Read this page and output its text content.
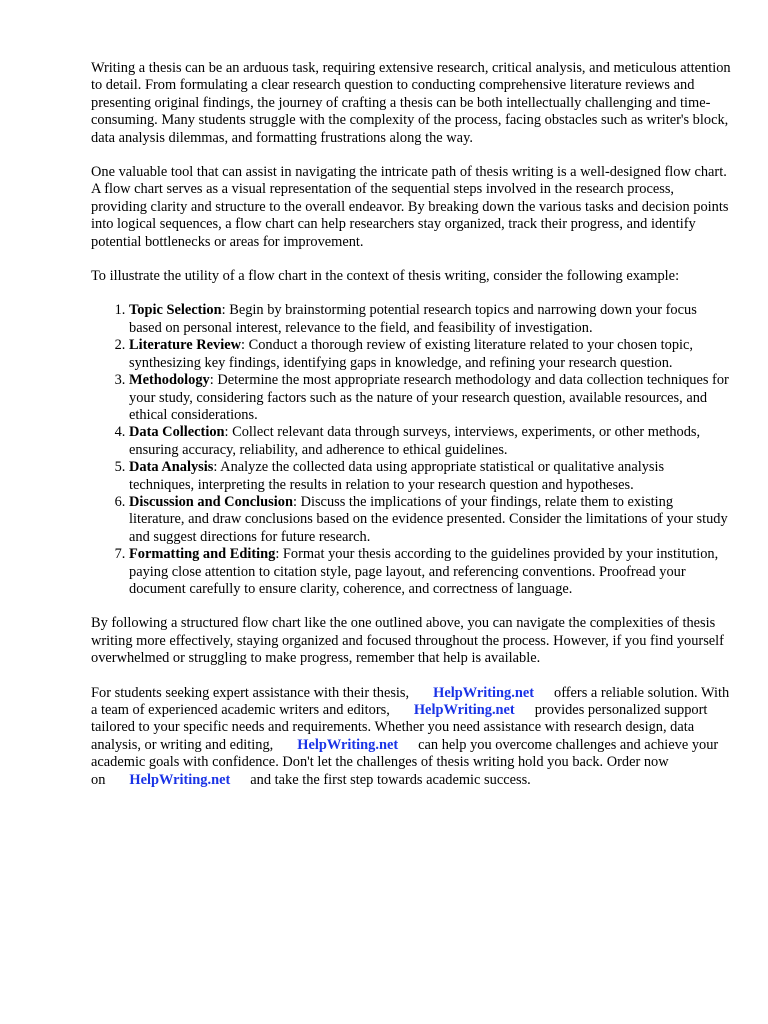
Writing a thesis can be an arduous task, requiring extensive research, critical analysis, and meticulous attention to detail. From formulating a clear research question to conducting comprehensive literature reviews and presenting original findings, the journey of crafting a thesis can be both intellectually challenging and time-consuming. Many students struggle with the complexity of the process, facing obstacles such as writer's block, data analysis dilemmas, and formatting frustrations along the way.

One valuable tool that can assist in navigating the intricate path of thesis writing is a well-designed flow chart. A flow chart serves as a visual representation of the sequential steps involved in the research process, providing clarity and structure to the overall endeavor. By breaking down the various tasks and decision points into logical sequences, a flow chart can help researchers stay organized, track their progress, and identify potential bottlenecks or areas for improvement.

To illustrate the utility of a flow chart in the context of thesis writing, consider the following example:

1. Topic Selection: Begin by brainstorming potential research topics and narrowing down your focus based on personal interest, relevance to the field, and feasibility of investigation.
2. Literature Review: Conduct a thorough review of existing literature related to your chosen topic, synthesizing key findings, identifying gaps in knowledge, and refining your research question.
3. Methodology: Determine the most appropriate research methodology and data collection techniques for your study, considering factors such as the nature of your research question, available resources, and ethical considerations.
4. Data Collection: Collect relevant data through surveys, interviews, experiments, or other methods, ensuring accuracy, reliability, and adherence to ethical guidelines.
5. Data Analysis: Analyze the collected data using appropriate statistical or qualitative analysis techniques, interpreting the results in relation to your research question and hypotheses.
6. Discussion and Conclusion: Discuss the implications of your findings, relate them to existing literature, and draw conclusions based on the evidence presented. Consider the limitations of your study and suggest directions for future research.
7. Formatting and Editing: Format your thesis according to the guidelines provided by your institution, paying close attention to citation style, page layout, and referencing conventions. Proofread your document carefully to ensure clarity, coherence, and correctness of language.

By following a structured flow chart like the one outlined above, you can navigate the complexities of thesis writing more effectively, staying organized and focused throughout the process. However, if you find yourself overwhelmed or struggling to make progress, remember that help is available.

For students seeking expert assistance with their thesis, HelpWriting.net offers a reliable solution. With a team of experienced academic writers and editors, HelpWriting.net provides personalized support tailored to your specific needs and requirements. Whether you need assistance with research design, data analysis, or writing and editing, HelpWriting.net can help you overcome challenges and achieve your academic goals with confidence. Don't let the challenges of thesis writing hold you back. Order now on HelpWriting.net and take the first step towards academic success.
